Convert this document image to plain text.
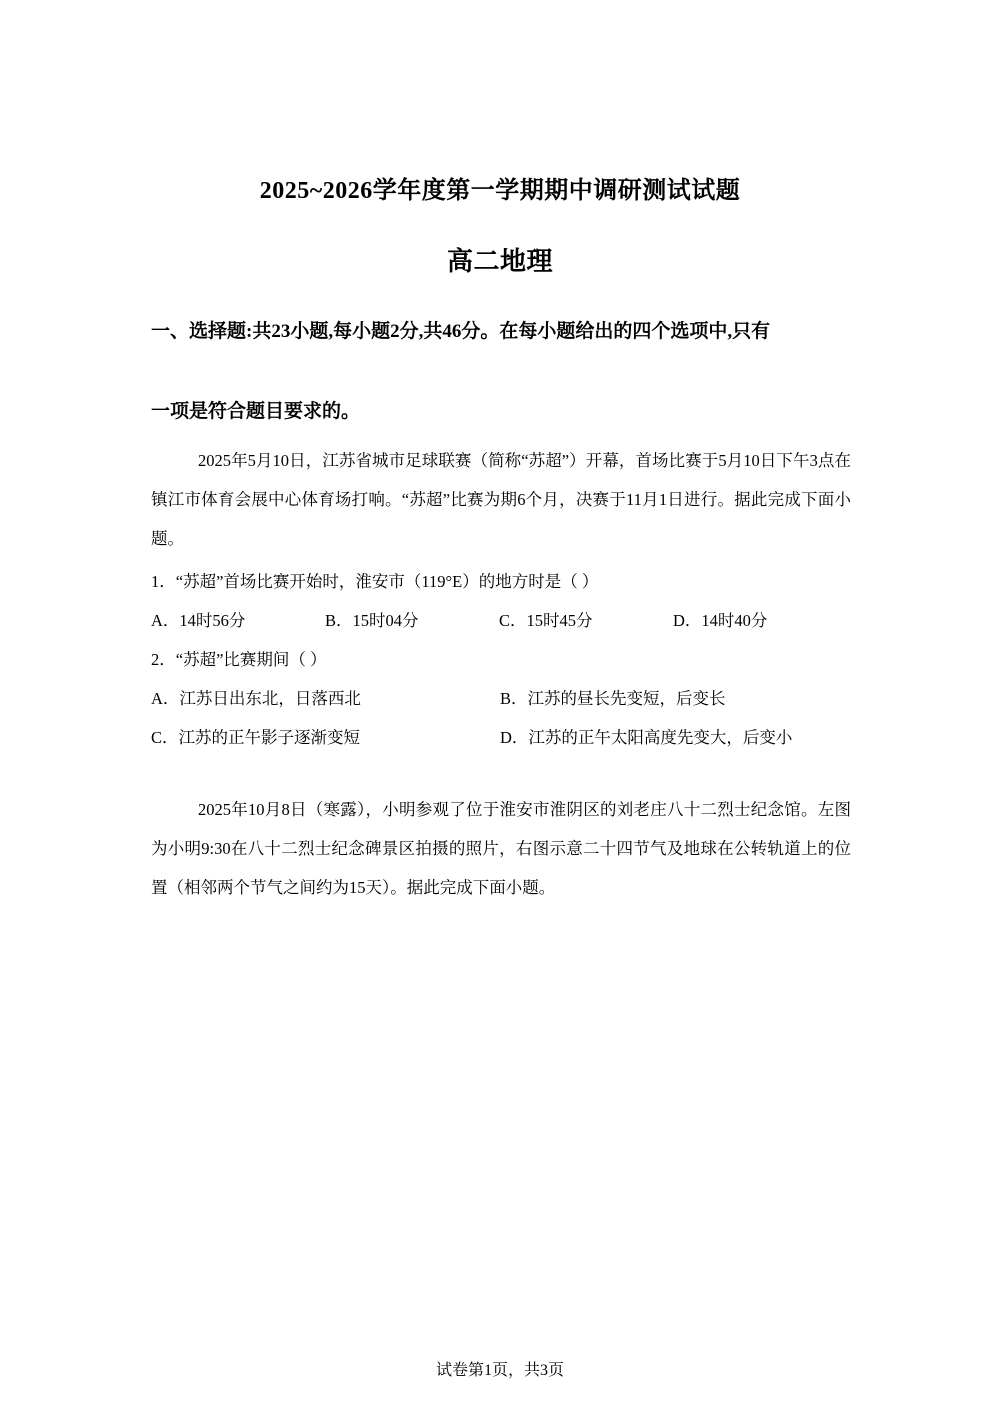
2025~2026学年度第一学期期中调研测试试题
高二地理
一、选择题:共23小题,每小题2分,共46分。在每小题给出的四个选项中,只有
一项是符合题目要求的。
2025年5月10日，江苏省城市足球联赛（简称“苏超”）开幕，首场比赛于5月10日下午3点在镇江市体育会展中心体育场打响。“苏超”比赛为期6个月，决赛于11月1日进行。据此完成下面小题。
1．“苏超”首场比赛开始时，淮安市（119°E）的地方时是（ ）
A．14时56分	B．15时04分	C．15时45分	D．14时40分
2．“苏超”比赛期间（ ）
A．江苏日出东北，日落西北	B．江苏的昼长先变短，后变长
C．江苏的正午影子逐渐变短	D．江苏的正午太阳高度先变大，后变小
2025年10月8日（寒露），小明参观了位于淮安市淮阴区的刘老庄八十二烈士纪念馆。左图为小明9:30在八十二烈士纪念碑景区拍摄的照片，右图示意二十四节气及地球在公转轨道上的位置（相邻两个节气之间约为15天）。据此完成下面小题。
试卷第1页，共3页
